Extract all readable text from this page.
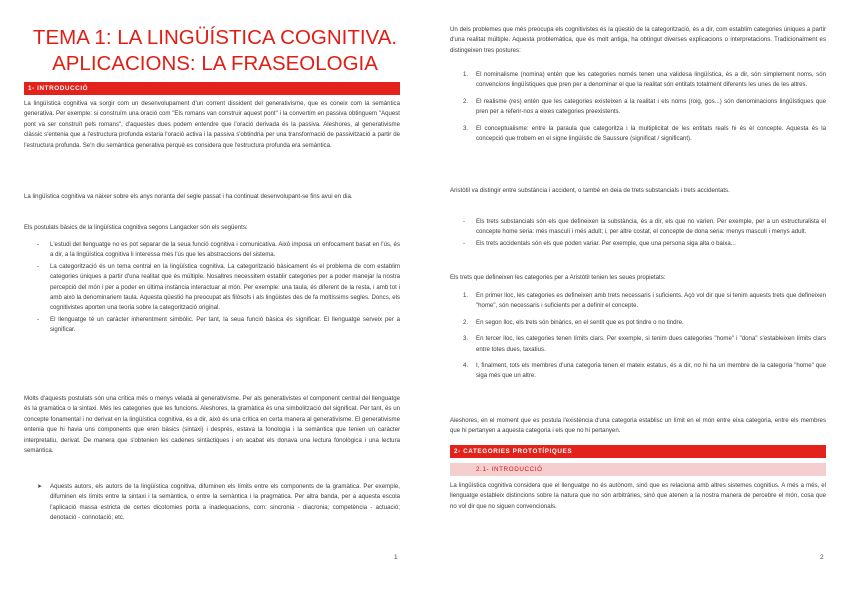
TEMA 1: LA LINGÜÍSTICA COGNITIVA.
APLICACIONS: LA FRASEOLOGIA
1- INTRODUCCIÓ
La lingüística cognitiva va sorgir com un desenvolupament d'un corrent dissident del generativisme, que es coneix com la semàntica generativa. Per exemple: si construïm una oració com "Els romans van construir aquest pont" i la convertim en passiva obtinguem "Aquest pont va ser construït pels romans", d'aquestes dues podem entendre que l'oració derivada és la passiva. Aleshores, al generativisme clàssic s'entenia que a l'estructura profunda estaria l'oració activa i la passiva s'obtindria per una transformació de passivització a partir de l'estructura profunda. Se'n diu semàntica generativa perquè es considera que l'estructura profunda era semàntica.
La lingüística cognitiva va nàixer sobre els anys noranta del segle passat i ha continuat desenvolupant-se fins avui en dia.
Els postulats bàsics de la lingüística cognitiva segons Langacker són els següents:
- L'estudi del llenguatge no es pot separar de la seua funció cognitiva i comunicativa. Això imposa un enfocament basat en l'ús, és a dir, a la lingüística cognitiva li interessa més l'ús que les abstraccions del sistema.
- La categorització és un tema central en la lingüística cognitiva. La categorització bàsicament és el problema de com establim categories úniques a partir d'una realitat que és múltiple. Nosaltres necessitem establir categories per a poder manejar la nostra percepció del món i per a poder en última instància interactuar al món. Per exemple: una taula, és diferent de la resta, i amb tot i amb això la denominariem taula. Aquesta qüestió ha preocupat als filòsofs i als lingüistes des de fa moltíssims segles. Doncs, els cognitivistes aporten una teoria sobre la categorització original.
- El llenguatge té un caràcter inherentment simbòlic. Per tant, la seua funció bàsica és significar. El llenguatge serveix per a significar.
Molts d'aquests postulats són una crítica més o menys velada al generativisme. Per als generativistes el component central del llenguatge és la gramàtica o la sintaxi. Més les categories que les funcions. Aleshores, la gramàtica és una simbolització del significat. Per tant, és un concepte fonamental i no derivat en la lingüística cognitiva, és a dir, això és una crítica en certa manera al generativisme. El generativisme entenia que hi havia uns components que eren bàsics (sintaxi) i després, estava la fonologia i la semàntica que tenien un caràcter interpretatiu, derivat. De manera que s'obtenien les cadenes sintàctiques i en acabat els donava una lectura fonològica i una lectura semàntica.
➤ Aquests autors, els autors de la lingüística cognitiva, difuminen els límits entre els components de la gramàtica. Per exemple, difuminen els límits entre la sintaxi i la semàntica, o entre la semàntica i la pragmàtica. Per altra banda, per a aquesta escola l'aplicació massa estricta de certes dicotomies porta a inadequacions, com: sincronia - diacronia; competència - actuació; denotació - connotació; etc.
1
Un dels problemes que més preocupa els cognitivistes és la qüestió de la categorització, és a dir, com establim categories úniques a partir d'una realitat múltiple. Aquesta problemàtica, que és molt antiga, ha obtingut diverses explicacions o interpretacions. Tradicionalment es distingeixen tres postures:
1. El nominalisme (nomina) entén que les categories només tenen una validesa lingüística, és a dir, són simplement noms, són convencions lingüístiques que pren per a denominar el que la realitat són entitats totalment diferents les unes de les altres.
2. El realisme (res) entén que les categories existeixen a la realitat i els noms (roig, gos...) són denominacions lingüístiques que pren per a referir-nos a eixes categories preexistents.
3. El conceptualisme: entre la paraula que categoritza i la multiplicitat de les entitats reals hi és el concepte. Aquesta és la concepció que trobem en el signe lingüístic de Saussure (significat / significant).
Aristòtil va distingir entre substància i accident, o també en deia de trets substancials i trets accidentats.
- Els trets substancials són els que defineixen la substància, és a dir, els que no varien. Per exemple, per a un estructuralista el concepte home seria: més masculí i més adult; i, per altre costat, el concepte de dona seria: menys masculí i menys adult.
- Els trets accidentals són els que poden variar. Per exemple, que una persona siga alta o baixa...
Els trets que defineixen les categories per a Aristòtil tenien les seues propietats:
1. En primer lloc, les categories es defineixen amb trets necessaris i suficients. Açò vol dir que si tenim aquests trets que defineixen "home", són necessaris i suficients per a definir el concepte.
2. En segon lloc, els trets són binàrics, en el sentit que es pot tindre o no tindre.
3. En tercer lloc, les categories tenen límits clars. Per exemple, si tenim dues categories "home" i "dona" s'estableixen límits clars entre totes dues, taxatius.
4. I, finalment, tots els membres d'una categoria tenen el mateix estatus, és a dir, no hi ha un membre de la categoria "home" que siga més que un altre.
Aleshores, en el moment que es postula l'existència d'una categoria establisc un límit en el món entre eixa categoria, entre els membres que hi pertanyen a aquesta categoria i els que no hi pertanyen.
2- CATEGORIES PROTOTÍPIQUES
2.1- INTRODUCCIÓ
La lingüística cognitiva considera que el llenguatge no és autònom, sinó que es relaciona amb altres sistemes cognitius. A més a més, el llenguatge estableix distincions sobre la natura que no són arbitràries, sinó que atenen a la nostra manera de percebre el món, cosa que no vol dir que no siguen convencionals.
2
